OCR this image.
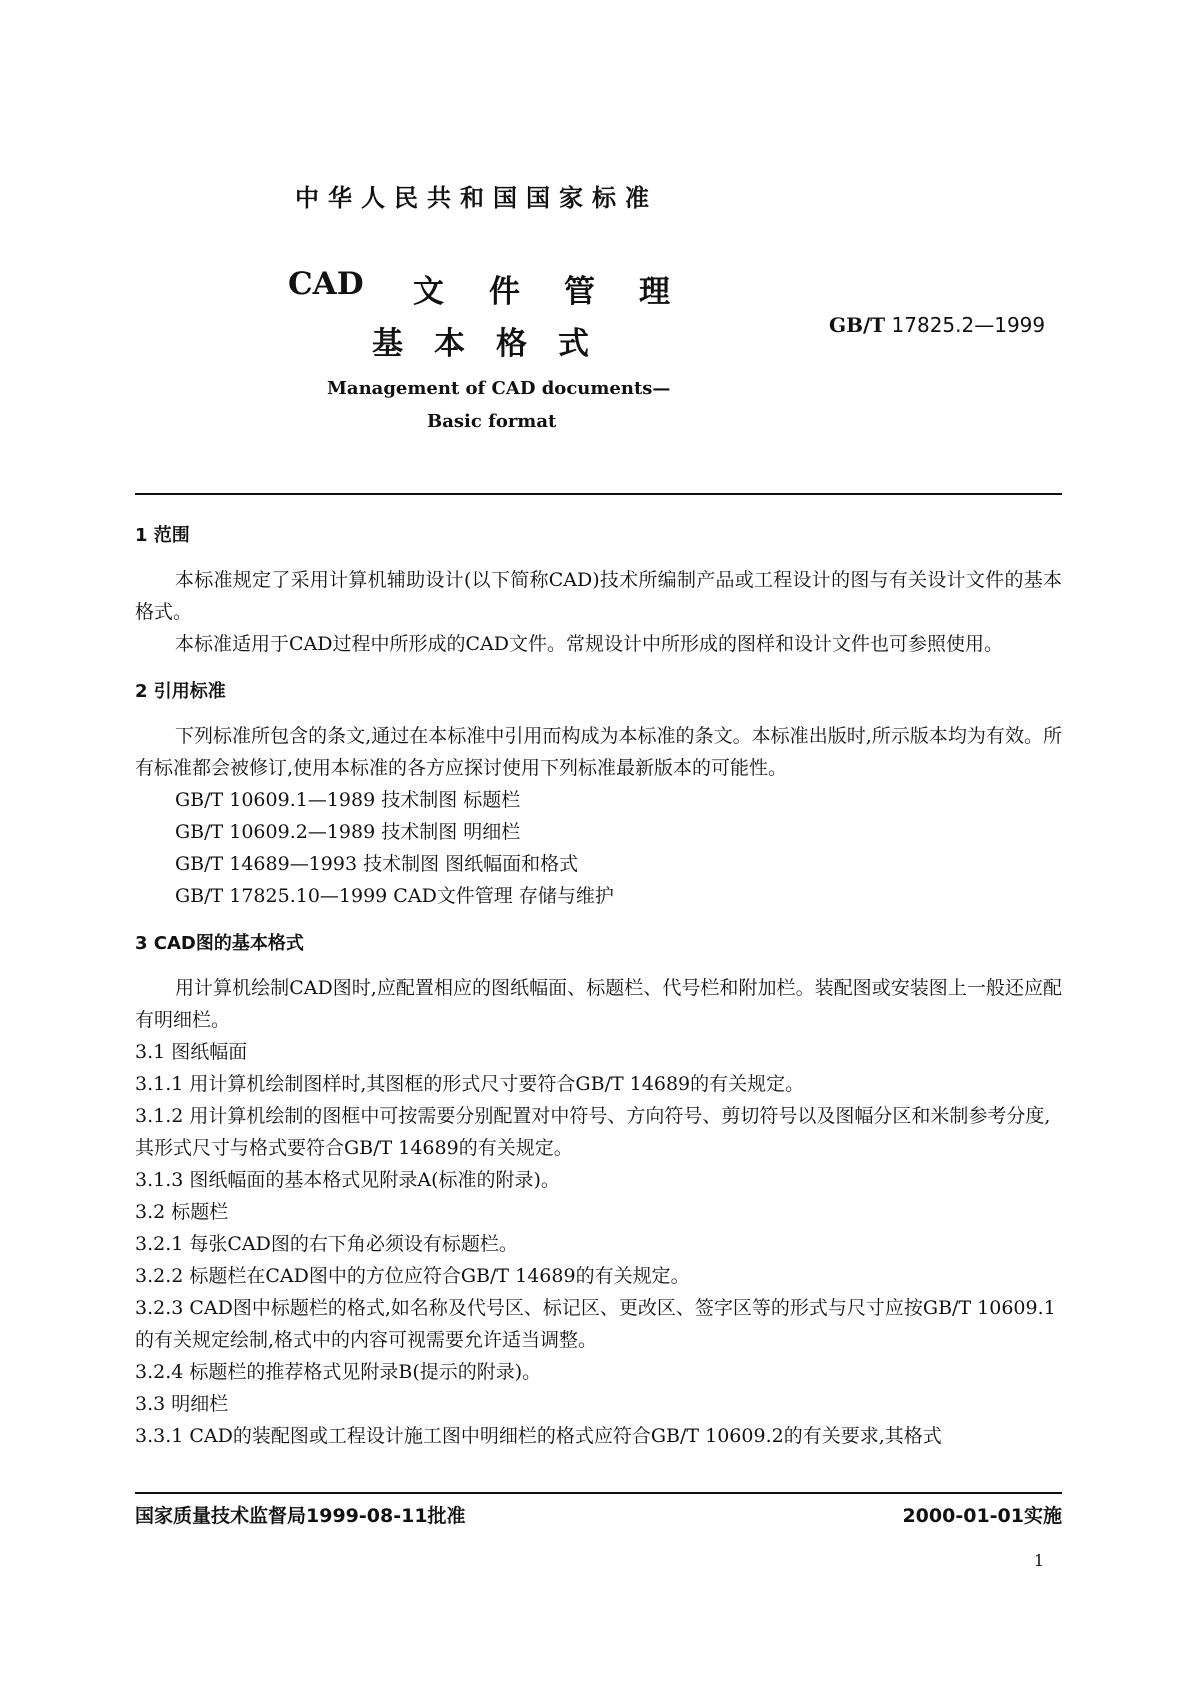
中华人民共和国国家标准
CAD 文 件 管 理
基 本 格 式
GB/T 17825.2—1999
Management of CAD documents—
Basic format
1 范围
本标准规定了采用计算机辅助设计(以下简称CAD)技术所编制产品或工程设计的图与有关设计文件的基本格式。
本标准适用于CAD过程中所形成的CAD文件。常规设计中所形成的图样和设计文件也可参照使用。
2 引用标准
下列标准所包含的条文,通过在本标准中引用而构成为本标准的条文。本标准出版时,所示版本均为有效。所有标准都会被修订,使用本标准的各方应探讨使用下列标准最新版本的可能性。
GB/T 10609.1—1989 技术制图 标题栏
GB/T 10609.2—1989 技术制图 明细栏
GB/T 14689—1993 技术制图 图纸幅面和格式
GB/T 17825.10—1999 CAD文件管理 存储与维护
3 CAD图的基本格式
用计算机绘制CAD图时,应配置相应的图纸幅面、标题栏、代号栏和附加栏。装配图或安装图上一般还应配有明细栏。
3.1 图纸幅面
3.1.1 用计算机绘制图样时,其图框的形式尺寸要符合GB/T 14689的有关规定。
3.1.2 用计算机绘制的图框中可按需要分别配置对中符号、方向符号、剪切符号以及图幅分区和米制参考分度,其形式尺寸与格式要符合GB/T 14689的有关规定。
3.1.3 图纸幅面的基本格式见附录A(标准的附录)。
3.2 标题栏
3.2.1 每张CAD图的右下角必须设有标题栏。
3.2.2 标题栏在CAD图中的方位应符合GB/T 14689的有关规定。
3.2.3 CAD图中标题栏的格式,如名称及代号区、标记区、更改区、签字区等的形式与尺寸应按GB/T 10609.1的有关规定绘制,格式中的内容可视需要允许适当调整。
3.2.4 标题栏的推荐格式见附录B(提示的附录)。
3.3 明细栏
3.3.1 CAD的装配图或工程设计施工图中明细栏的格式应符合GB/T 10609.2的有关要求,其格式
国家质量技术监督局1999-08-11批准	2000-01-01实施
1
